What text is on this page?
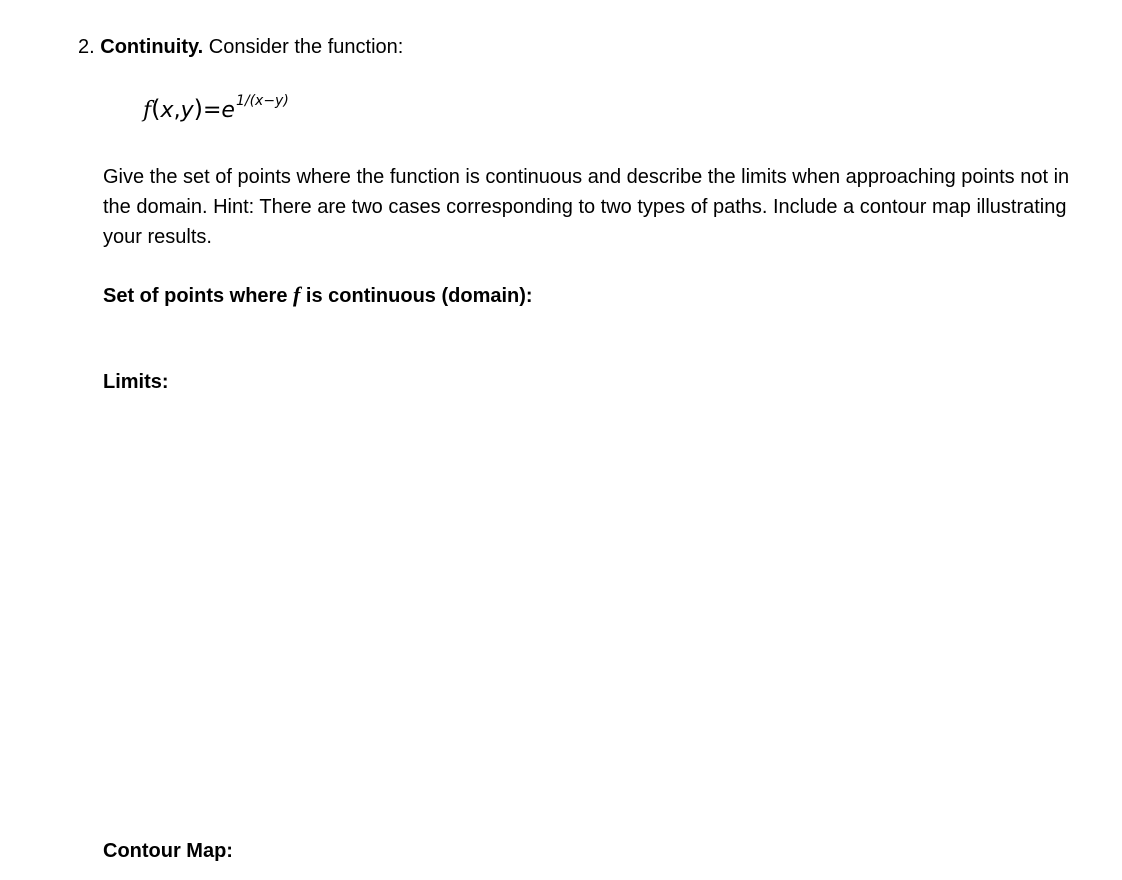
2. Continuity. Consider the function:
$f(x,y)=e^{1/(x-y)}$
Give the set of points where the function is continuous and describe the limits when approaching points not in the domain. Hint: There are two cases corresponding to two types of paths. Include a contour map illustrating your results.
Set of points where f is continuous (domain):
Limits:
Contour Map:
